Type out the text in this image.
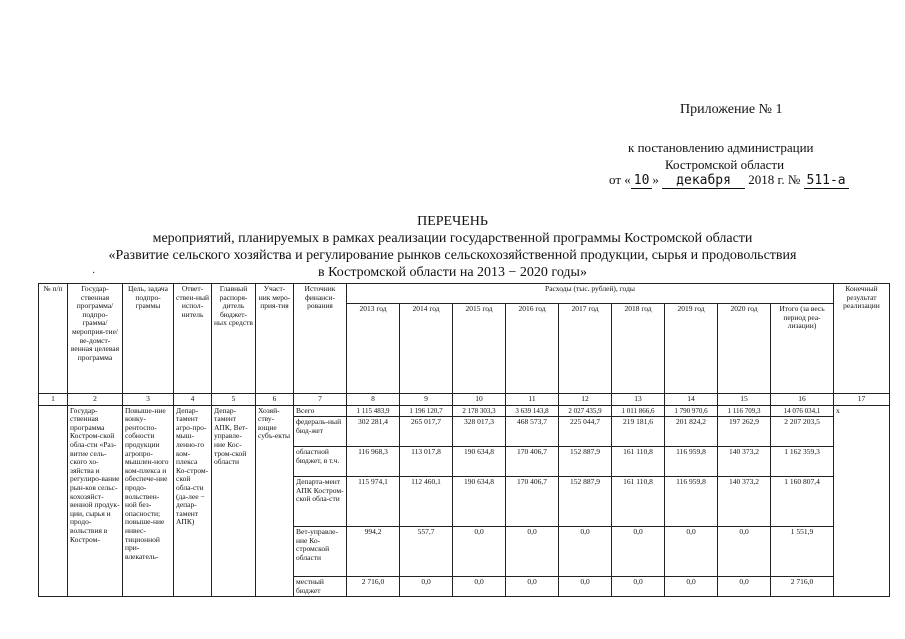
Приложение № 1
к постановлению администрации
Костромской области
от « 10 » декабря 2018 г. № 511-а
ПЕРЕЧЕНЬ
мероприятий, планируемых в рамках реализации государственной программы Костромской области
«Развитие сельского хозяйства и регулирование рынков сельскохозяйственной продукции, сырья и продовольствия
в Костромской области на 2013 − 2020 годы»
·
№ п/п	Государ-ственная программа/ подпро-грамма/ мероприя-тие/ ве-домст-венная целевая программа	Цель, задача подпро-граммы	Ответ-ствен-ный испол-нитель	Главный распоря-дитель бюджет-ных средств	Участ-ник меро-прия-тия	Источник финанси-рования	Расходы (тыс. рублей), годы									Конечный результат реализации
							2013 год	2014 год	2015 год	2016 год	2017 год	2018 год	2019 год	2020 год	Итого (за весь период реа-лизации)	
1	2	3	4	5	6	7	8	9	10	11	12	13	14	15	16	17
	Государ-ственная программа Костром-ской обла-сти «Раз-витие сель-ского хо-зяйства и регулиро-вание рын-ков сельс-кохозяйст-венной продук-ции, сырья и продо-вольствия в Костром-	Повыше-ние конку-рентоспо-собности продукции агропро-мышлен-ного ком-плекса и обеспече-ние продо-вольствен-ной без-опасности; повыше-ние инвес-тиционной при-влекатель-	Депар-тамент агро-про-мыш-ленно-го ком-плекса Ко-стром-ской обла-сти (да-лее − депар-тамент АПК)	Депар-тамент АПК, Вет-управле-ние Кос-тром-ской области	Хозяй-ству-ющие субъ-екты	Всего	1 115 483,9	1 196 120,7	2 178 303,3	3 639 143,8	2 027 435,9	1 011 866,6	1 790 970,6	1 116 709,3	14 076 034,1	x
						федераль-ный бюд-жет	302 281,4	265 017,7	328 017,3	468 573,7	225 044,7	219 181,6	201 824,2	197 262,9	2 207 203,5	
						областной бюджет, в т.ч.	116 968,3	113 017,8	190 634,8	170 406,7	152 887,9	161 110,8	116 959,8	140 373,2	1 162 359,3	
						Департа-мент АПК Костром-ской обла-сти	115 974,1	112 460,1	190 634,8	170 406,7	152 887,9	161 110,8	116 959,8	140 373,2	1 160 807,4	
						Вет-управле-ние Ко-стромской области	994,2	557,7	0,0	0,0	0,0	0,0	0,0	0,0	1 551,9	
						местный бюджет	2 716,0	0,0	0,0	0,0	0,0	0,0	0,0	0,0	2 716,0	
